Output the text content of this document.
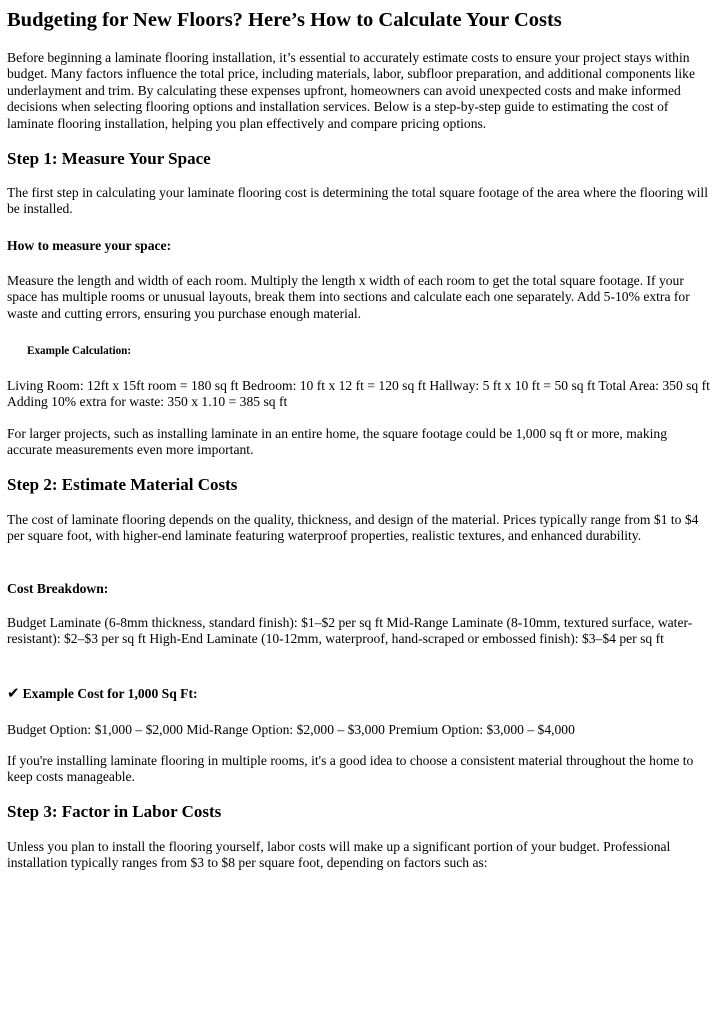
Budgeting for New Floors? Here’s How to Calculate Your Costs

Before beginning a laminate flooring installation, it’s essential to accurately estimate costs to ensure your project stays within budget. Many factors influence the total price, including materials, labor, subfloor preparation, and additional components like underlayment and trim. By calculating these expenses upfront, homeowners can avoid unexpected costs and make informed decisions when selecting flooring options and installation services. Below is a step-by-step guide to estimating the cost of laminate flooring installation, helping you plan effectively and compare pricing options.

Step 1: Measure Your Space

The first step in calculating your laminate flooring cost is determining the total square footage of the area where the flooring will be installed.

How to measure your space:

Measure the length and width of each room. Multiply the length x width of each room to get the total square footage. If your space has multiple rooms or unusual layouts, break them into sections and calculate each one separately. Add 5-10% extra for waste and cutting errors, ensuring you purchase enough material.

Example Calculation:

Living Room: 12ft x 15ft room = 180 sq ft Bedroom: 10 ft x 12 ft = 120 sq ft Hallway: 5 ft x 10 ft = 50 sq ft Total Area: 350 sq ft Adding 10% extra for waste: 350 x 1.10 = 385 sq ft

For larger projects, such as installing laminate in an entire home, the square footage could be 1,000 sq ft or more, making accurate measurements even more important.

Step 2: Estimate Material Costs

The cost of laminate flooring depends on the quality, thickness, and design of the material. Prices typically range from $1 to $4 per square foot, with higher-end laminate featuring waterproof properties, realistic textures, and enhanced durability.

Cost Breakdown:

Budget Laminate (6-8mm thickness, standard finish): $1–$2 per sq ft Mid-Range Laminate (8-10mm, textured surface, water-resistant): $2–$3 per sq ft High-End Laminate (10-12mm, waterproof, hand-scraped or embossed finish): $3–$4 per sq ft

✔ Example Cost for 1,000 Sq Ft:

Budget Option: $1,000 – $2,000 Mid-Range Option: $2,000 – $3,000 Premium Option: $3,000 – $4,000

If you're installing laminate flooring in multiple rooms, it's a good idea to choose a consistent material throughout the home to keep costs manageable.

Step 3: Factor in Labor Costs

Unless you plan to install the flooring yourself, labor costs will make up a significant portion of your budget. Professional installation typically ranges from $3 to $8 per square foot, depending on factors such as:
